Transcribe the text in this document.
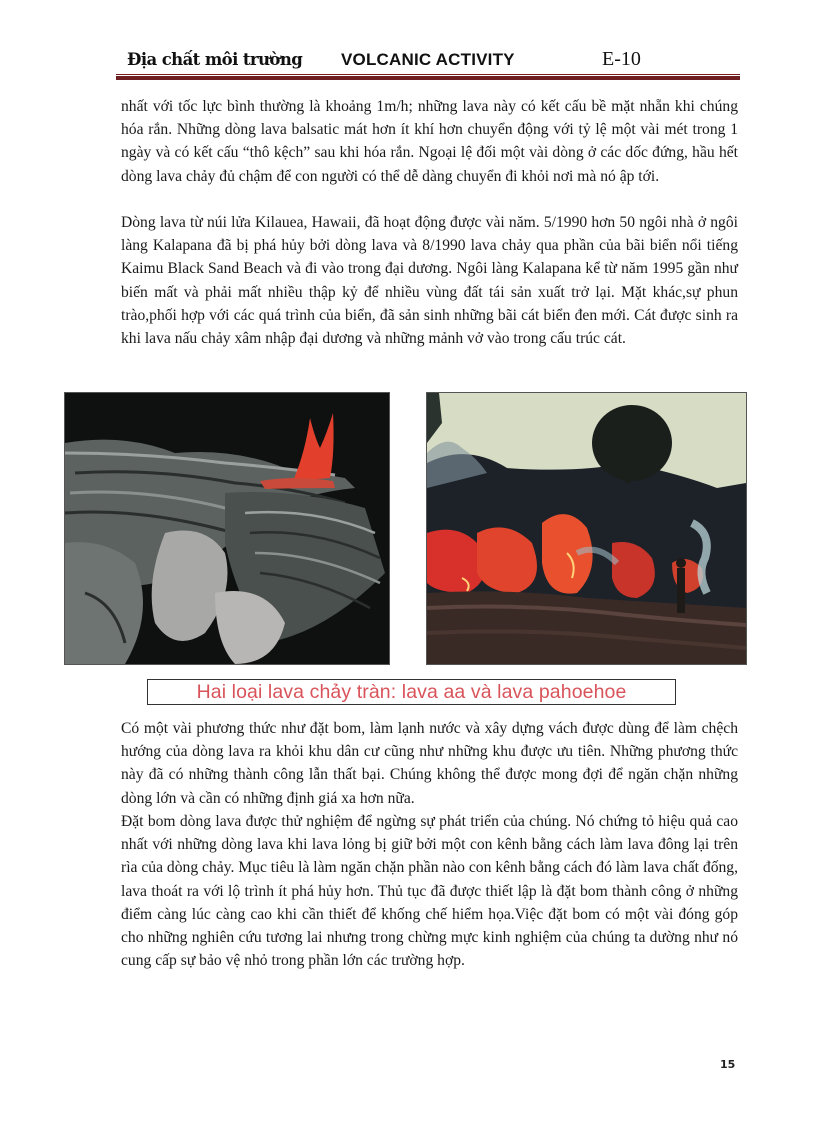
Địa chất môi trường VOLCANIC ACTIVITY	E-10

nhất với tốc lực bình thường là khoảng 1m/h; những lava này có kết cấu bề mặt nhẵn khi chúng hóa rắn. Những dòng lava balsatic mát hơn ít khí hơn chuyển động với tỷ lệ một vài mét trong 1 ngày và có kết cấu “thô kệch” sau khi hóa rắn. Ngoại lệ đối một vài dòng ở các dốc đứng, hầu hết dòng lava chảy đủ chậm để con người có thể dễ dàng chuyển đi khỏi nơi mà nó ập tới.

Dòng lava từ núi lửa Kilauea, Hawaii, đã hoạt động được vài năm. 5/1990 hơn 50 ngôi nhà ở ngôi làng Kalapana đã bị phá hủy bởi dòng lava và 8/1990 lava chảy qua phần của bãi biển nổi tiếng Kaimu Black Sand Beach và đi vào trong đại dương. Ngôi làng Kalapana kể từ năm 1995 gần như biến mất và phải mất nhiều thập kỷ để nhiều vùng đất tái sản xuất trở lại. Mặt khác,sự phun trào,phối hợp với các quá trình của biển, đã sản sinh những bãi cát biển đen mới. Cát được sinh ra khi lava nấu chảy xâm nhập đại dương và những mảnh vở vào trong cấu trúc cát.

Hai loại lava chảy tràn: lava aa và lava pahoehoe

Có một vài phương thức như đặt bom, làm lạnh nước và xây dựng vách được dùng để làm chệch hướng của dòng lava ra khỏi khu dân cư cũng như những khu được ưu tiên. Những phương thức này đã có những thành công lẫn thất bại. Chúng không thể được mong đợi để ngăn chặn những dòng lớn và cần có những định giá xa hơn nữa.

Đặt bom dòng lava được thử nghiệm để ngừng sự phát triển của chúng. Nó chứng tỏ hiệu quả cao nhất với những dòng lava khi lava lỏng bị giữ bởi một con kênh bằng cách làm lava đông lại trên rìa của dòng chảy. Mục tiêu là làm ngăn chặn phần nào con kênh bằng cách đó làm lava chất đống, lava thoát ra với lộ trình ít phá hủy hơn. Thủ tục đã được thiết lập là đặt bom thành công ở những điểm càng lúc càng cao khi cần thiết để khống chế hiểm họa.Việc đặt bom có một vài đóng góp cho những nghiên cứu tương lai nhưng trong chừng mực kinh nghiệm của chúng ta dường như nó cung cấp sự bảo vệ nhỏ trong phần lớn các trường hợp.

15
